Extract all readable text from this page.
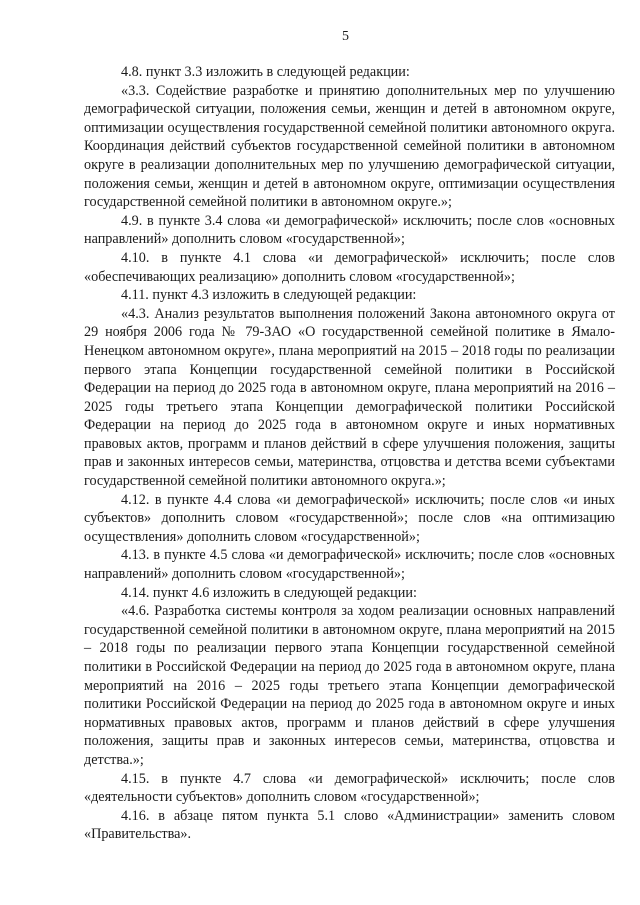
5

4.8. пункт 3.3 изложить в следующей редакции:

«3.3. Содействие разработке и принятию дополнительных мер по улучшению демографической ситуации, положения семьи, женщин и детей в автономном округе, оптимизации осуществления государственной семейной политики автономного округа. Координация действий субъектов государственной семейной политики в автономном округе в реализации дополнительных мер по улучшению демографической ситуации, положения семьи, женщин и детей в автономном округе, оптимизации осуществления государственной семейной политики в автономном округе.»;

4.9. в пункте 3.4 слова «и демографической» исключить; после слов «основных направлений» дополнить словом «государственной»;

4.10. в пункте 4.1 слова «и демографической» исключить; после слов «обеспечивающих реализацию» дополнить словом «государственной»;

4.11. пункт 4.3 изложить в следующей редакции:

«4.3. Анализ результатов выполнения положений Закона автономного округа от 29 ноября 2006 года № 79-ЗАО «О государственной семейной политике в Ямало-Ненецком автономном округе», плана мероприятий на 2015 – 2018 годы по реализации первого этапа Концепции государственной семейной политики в Российской Федерации на период до 2025 года в автономном округе, плана мероприятий на 2016 – 2025 годы третьего этапа Концепции демографической политики Российской Федерации на период до 2025 года в автономном округе и иных нормативных правовых актов, программ и планов действий в сфере улучшения положения, защиты прав и законных интересов семьи, материнства, отцовства и детства всеми субъектами государственной семейной политики автономного округа.»;

4.12. в пункте 4.4 слова «и демографической» исключить; после слов «и иных субъектов» дополнить словом «государственной»; после слов «на оптимизацию осуществления» дополнить словом «государственной»;

4.13. в пункте 4.5 слова «и демографической» исключить; после слов «основных направлений» дополнить словом «государственной»;

4.14. пункт 4.6 изложить в следующей редакции:

«4.6. Разработка системы контроля за ходом реализации основных направлений государственной семейной политики в автономном округе, плана мероприятий на 2015 – 2018 годы по реализации первого этапа Концепции государственной семейной политики в Российской Федерации на период до 2025 года в автономном округе, плана мероприятий на 2016 – 2025 годы третьего этапа Концепции демографической политики Российской Федерации на период до 2025 года в автономном округе и иных нормативных правовых актов, программ и планов действий в сфере улучшения положения, защиты прав и законных интересов семьи, материнства, отцовства и детства.»;

4.15. в пункте 4.7 слова «и демографической» исключить; после слов «деятельности субъектов» дополнить словом «государственной»;

4.16. в абзаце пятом пункта 5.1 слово «Администрации» заменить словом «Правительства».
